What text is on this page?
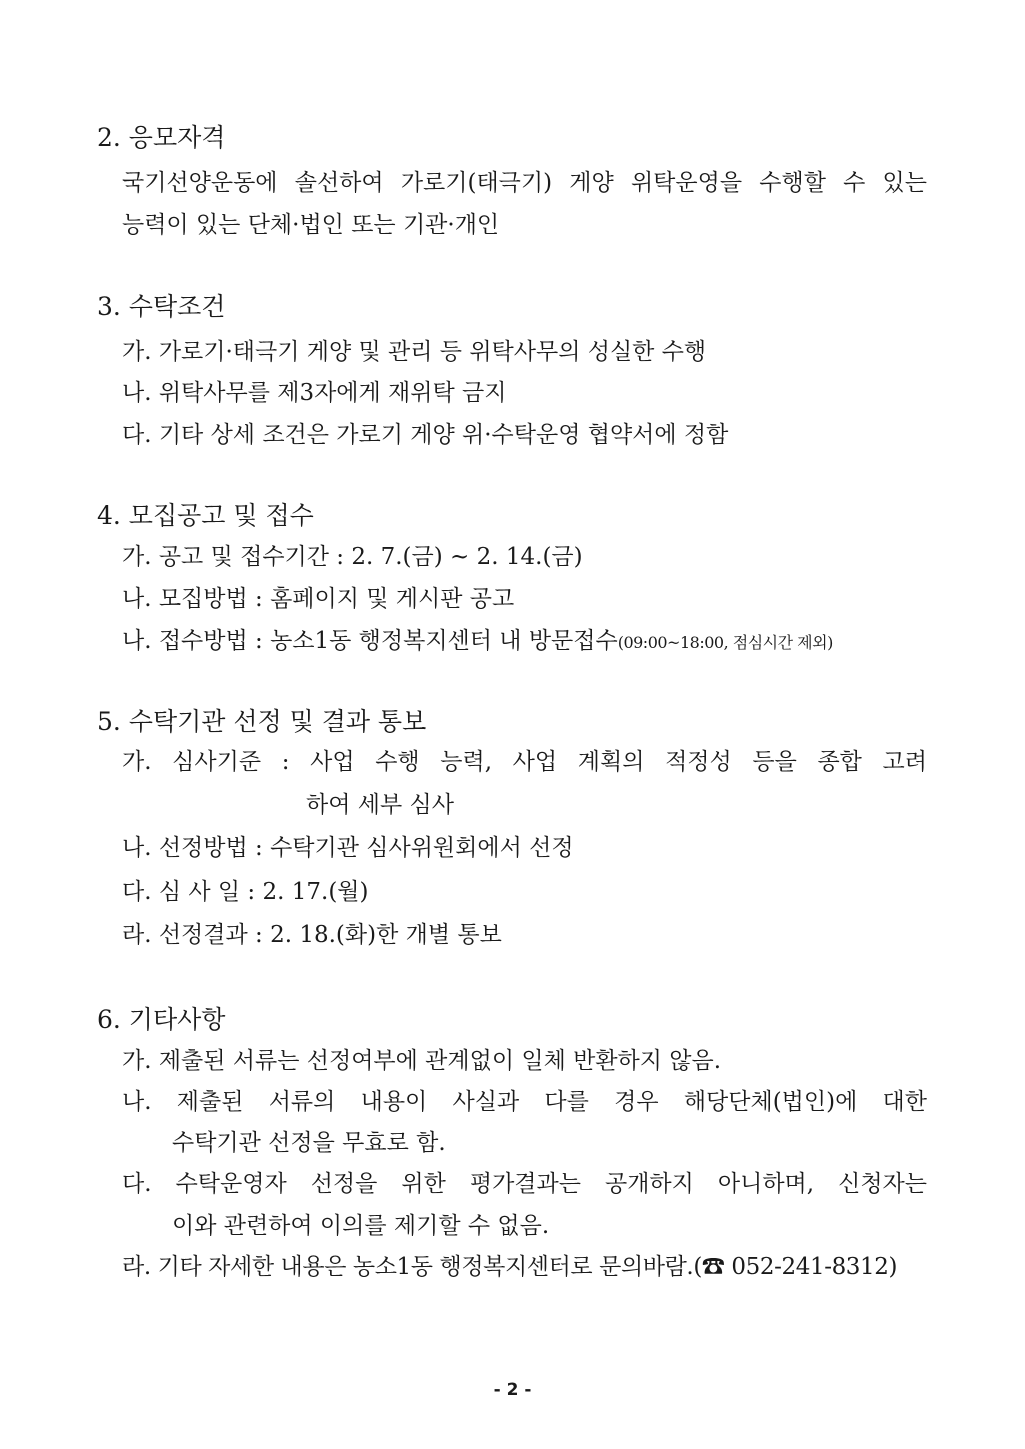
2. 응모자격
국기선양운동에 솔선하여 가로기(태극기) 게양 위탁운영을 수행할 수 있는
능력이 있는 단체·법인 또는 기관·개인
3. 수탁조건
가. 가로기·태극기 게양 및 관리 등 위탁사무의 성실한 수행
나. 위탁사무를 제3자에게 재위탁 금지
다. 기타 상세 조건은 가로기 게양 위·수탁운영 협약서에 정함
4. 모집공고 및 접수
가. 공고 및 접수기간 : 2. 7.(금) ~ 2. 14.(금)
나. 모집방법 : 홈페이지 및 게시판 공고
나. 접수방법 : 농소1동 행정복지센터 내 방문접수(09:00~18:00, 점심시간 제외)
5. 수탁기관 선정 및 결과 통보
가. 심사기준 : 사업 수행 능력, 사업 계획의 적정성 등을 종합 고려
하여 세부 심사
나. 선정방법 : 수탁기관 심사위원회에서 선정
다. 심 사 일 : 2. 17.(월)
라. 선정결과 : 2. 18.(화)한 개별 통보
6. 기타사항
가. 제출된 서류는 선정여부에 관계없이 일체 반환하지 않음.
나. 제출된 서류의 내용이 사실과 다를 경우 해당단체(법인)에 대한
수탁기관 선정을 무효로 함.
다. 수탁운영자 선정을 위한 평가결과는 공개하지 아니하며, 신청자는
이와 관련하여 이의를 제기할 수 없음.
라. 기타 자세한 내용은 농소1동 행정복지센터로 문의바람.(☎ 052-241-8312)
- 2 -
